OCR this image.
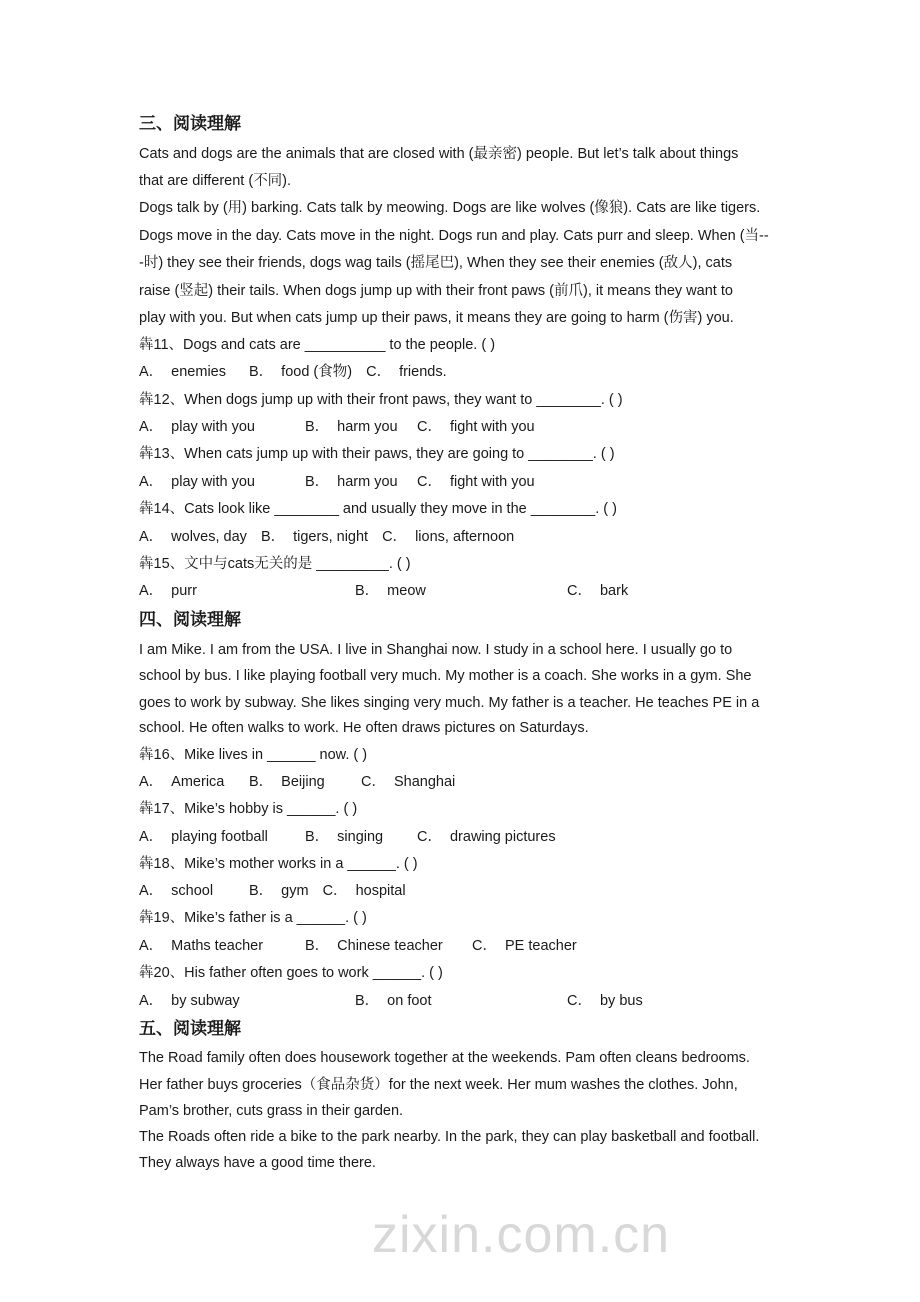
zixin.com.cn
三、阅读理解
Cats and dogs are the animals that are closed with (最亲密) people. But let’s talk about things
that are different (不同).
Dogs talk by (用) barking. Cats talk by meowing. Dogs are like wolves (像狼). Cats are like tigers.
Dogs move in the day. Cats move in the night. Dogs run and play. Cats purr and sleep. When (当--
-时) they see their friends, dogs wag tails (摇尾巴), When they see their enemies (敌人), cats
raise (竖起) their tails. When dogs jump up with their front paws (前爪), it means they want to
play with you. But when cats jump up their paws, it means they are going to harm (伤害) you.
犇11、Dogs and cats are __________ to the people. ( )
A． enemies B． food (食物) C． friends.
犇12、When dogs jump up with their front paws, they want to ________. ( )
A． play with you	B． harm you C． fight with you
犇13、When cats jump up with their paws, they are going to ________. ( )
A． play with you	B． harm you C． fight with you
犇14、Cats look like ________ and usually they move in the ________. ( )
A． wolves, day B． tigers, night C． lions, afternoon
犇15、文中与cats无关的是 _________. ( )
A． purr	B． meow	C． bark
四、阅读理解
I am Mike. I am from the USA. I live in Shanghai now. I study in a school here. I usually go to
school by bus. I like playing football very much. My mother is a coach. She works in a gym. She
goes to work by subway. She likes singing very much. My father is a teacher. He teaches PE in a
school. He often walks to work. He often draws pictures on Saturdays.
犇16、Mike lives in ______ now. ( )
A． America B． Beijing	C． Shanghai
犇17、Mike’s hobby is ______. ( )
A． playing football	B． singing C． drawing pictures
犇18、Mike’s mother works in a ______. ( )
A． school B． gym C． hospital
犇19、Mike’s father is a ______. ( )
A． Maths teacher	B． Chinese teacher C． PE teacher
犇20、His father often goes to work ______. ( )
A． by subway	B． on foot	C． by bus
五、阅读理解
The Road family often does housework together at the weekends. Pam often cleans bedrooms.
Her father buys groceries（食品杂货）for the next week. Her mum washes the clothes. John,
Pam’s brother, cuts grass in their garden.
The Roads often ride a bike to the park nearby. In the park, they can play basketball and football.
They always have a good time there.
